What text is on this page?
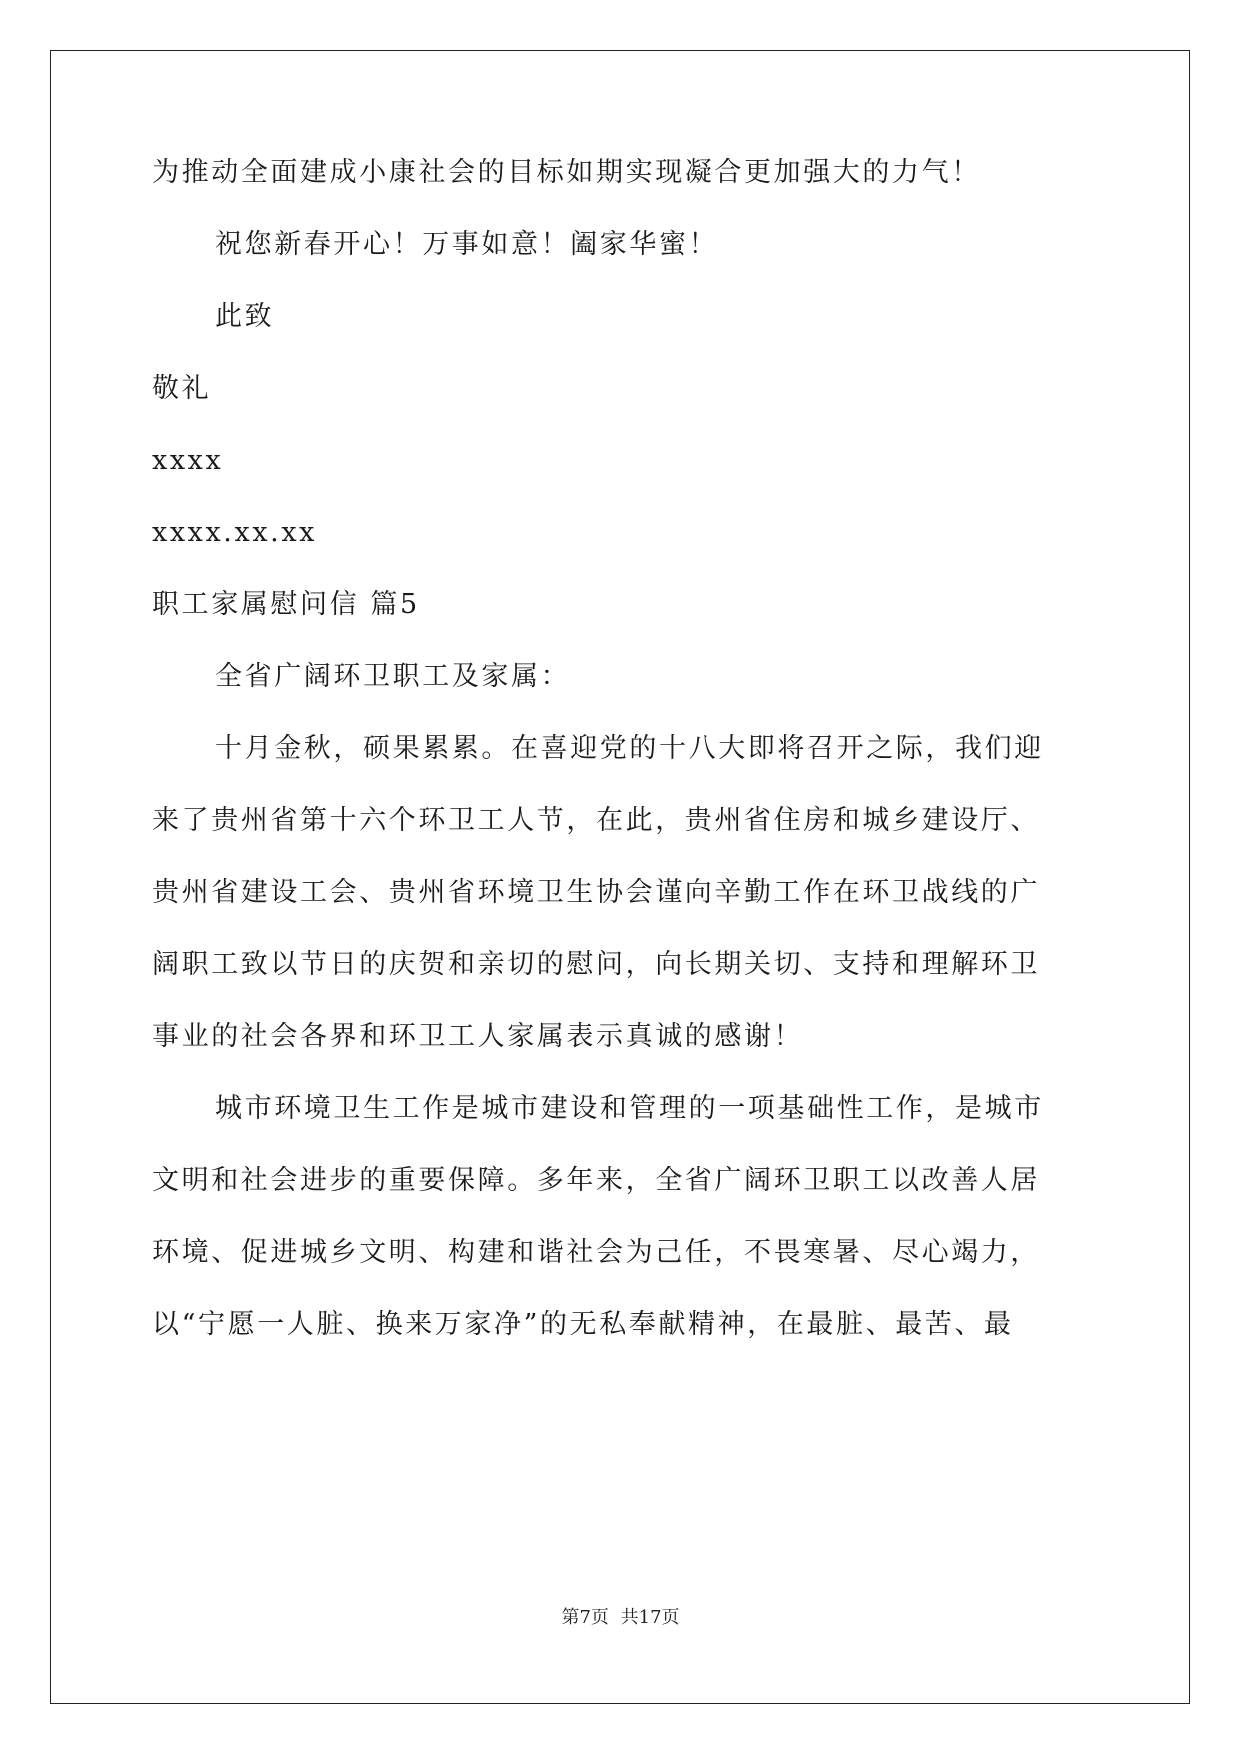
为推动全面建成小康社会的目标如期实现凝合更加强大的力气！
祝您新春开心！万事如意！阖家华蜜！
此致
敬礼
xxxx
xxxx.xx.xx
职工家属慰问信 篇5
全省广阔环卫职工及家属：
十月金秋，硕果累累。在喜迎党的十八大即将召开之际，我们迎
来了贵州省第十六个环卫工人节，在此，贵州省住房和城乡建设厅、
贵州省建设工会、贵州省环境卫生协会谨向辛勤工作在环卫战线的广
阔职工致以节日的庆贺和亲切的慰问，向长期关切、支持和理解环卫
事业的社会各界和环卫工人家属表示真诚的感谢！
城市环境卫生工作是城市建设和管理的一项基础性工作，是城市
文明和社会进步的重要保障。多年来，全省广阔环卫职工以改善人居
环境、促进城乡文明、构建和谐社会为己任，不畏寒暑、尽心竭力，
以“宁愿一人脏、换来万家净”的无私奉献精神，在最脏、最苦、最
第7页 共17页
